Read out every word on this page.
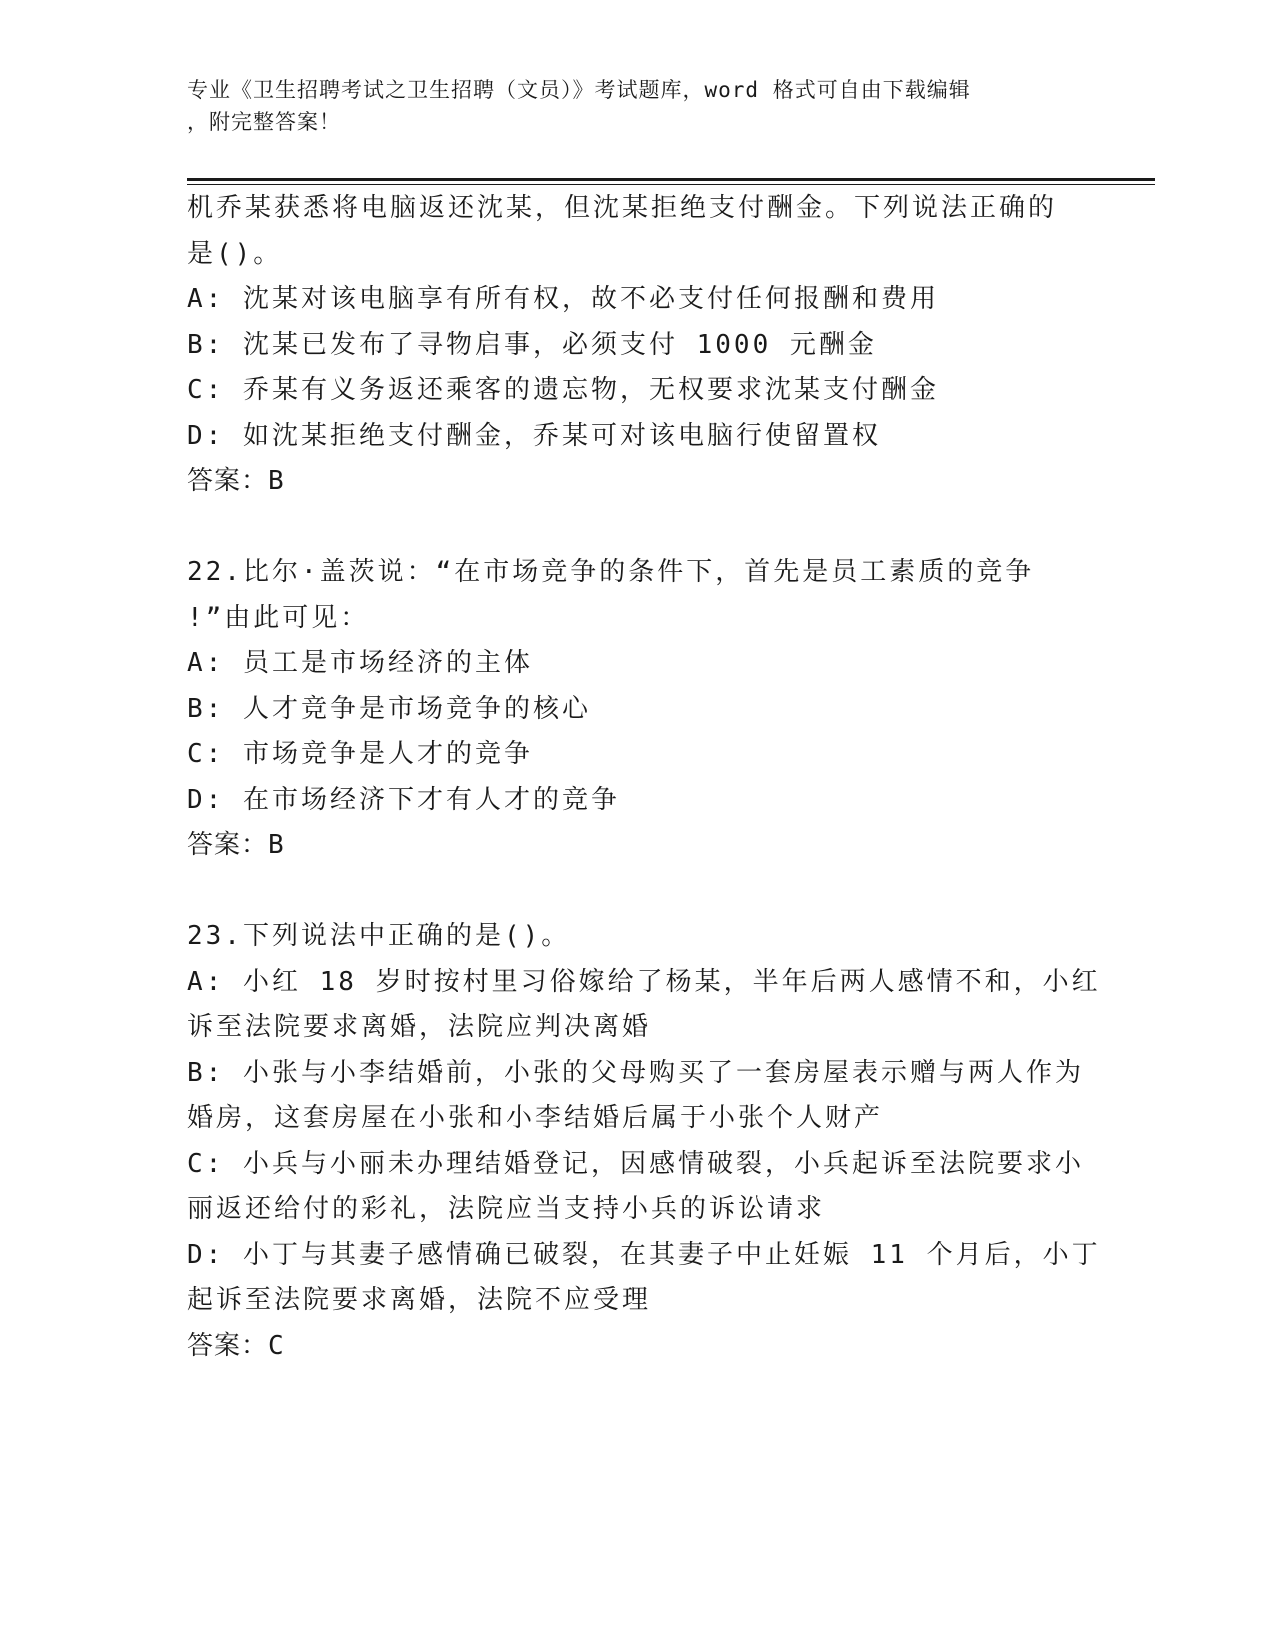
专业《卫生招聘考试之卫生招聘（文员）》考试题库，word 格式可自由下载编辑
，附完整答案！
机乔某获悉将电脑返还沈某，但沈某拒绝支付酬金。下列说法正确的
是()。
A: 沈某对该电脑享有所有权，故不必支付任何报酬和费用
B: 沈某已发布了寻物启事，必须支付 1000 元酬金
C: 乔某有义务返还乘客的遗忘物，无权要求沈某支付酬金
D: 如沈某拒绝支付酬金，乔某可对该电脑行使留置权
答案：B
22.比尔·盖茨说：“在市场竞争的条件下，首先是员工素质的竞争
!”由此可见：
A: 员工是市场经济的主体
B: 人才竞争是市场竞争的核心
C: 市场竞争是人才的竞争
D: 在市场经济下才有人才的竞争
答案：B
23.下列说法中正确的是()。
A: 小红 18 岁时按村里习俗嫁给了杨某，半年后两人感情不和，小红
诉至法院要求离婚，法院应判决离婚
B: 小张与小李结婚前，小张的父母购买了一套房屋表示赠与两人作为
婚房，这套房屋在小张和小李结婚后属于小张个人财产
C: 小兵与小丽未办理结婚登记，因感情破裂，小兵起诉至法院要求小
丽返还给付的彩礼，法院应当支持小兵的诉讼请求
D: 小丁与其妻子感情确已破裂，在其妻子中止妊娠 11 个月后，小丁
起诉至法院要求离婚，法院不应受理
答案：C
